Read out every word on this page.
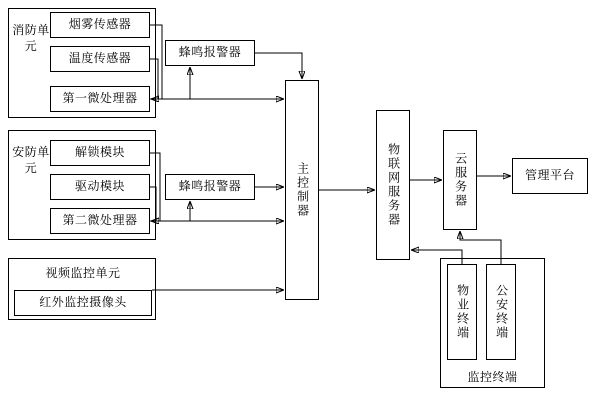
消防单元
安防单元
视频监控单元
监控终端
烟雾传感器
温度传感器
第一微处理器
蜂鸣报警器
解锁模块
驱动模块
第二微处理器
蜂鸣报警器
红外监控摄像头
主控制器	物联网服务器	云服务器	管理平台
物业终端	公安终端
